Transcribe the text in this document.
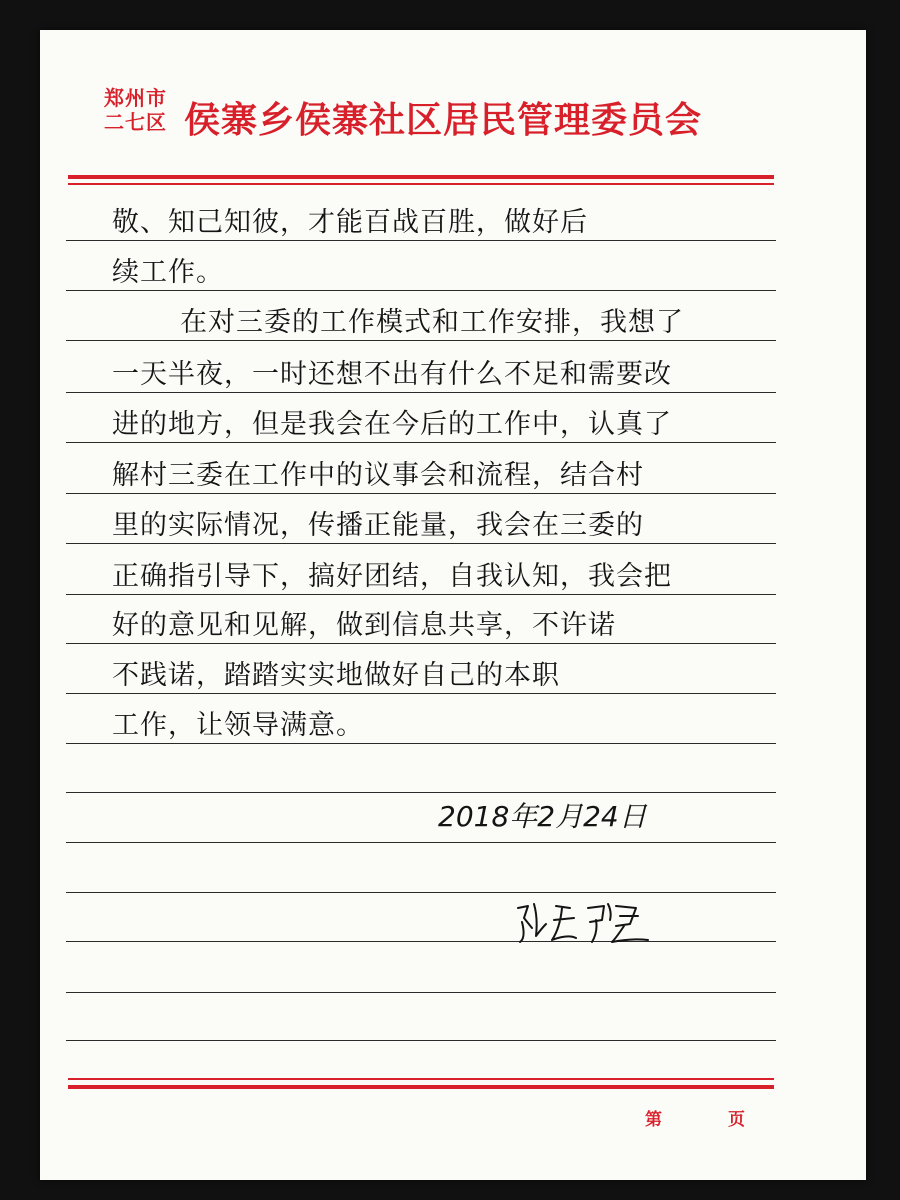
郑州市
二七区 侯寨乡侯寨社区居民管理委员会
敬、知己知彼，才能百战百胜，做好后
续工作。
在对三委的工作模式和工作安排，我想了
一天半夜，一时还想不出有什么不足和需要改
进的地方，但是我会在今后的工作中，认真了
解村三委在工作中的议事会和流程，结合村
里的实际情况，传播正能量，我会在三委的
正确指引导下，搞好团结，自我认知，我会把
好的意见和见解，做到信息共享，不许诺
不践诺，踏踏实实地做好自己的本职
工作，让领导满意。
2018年2月24日
第	页
